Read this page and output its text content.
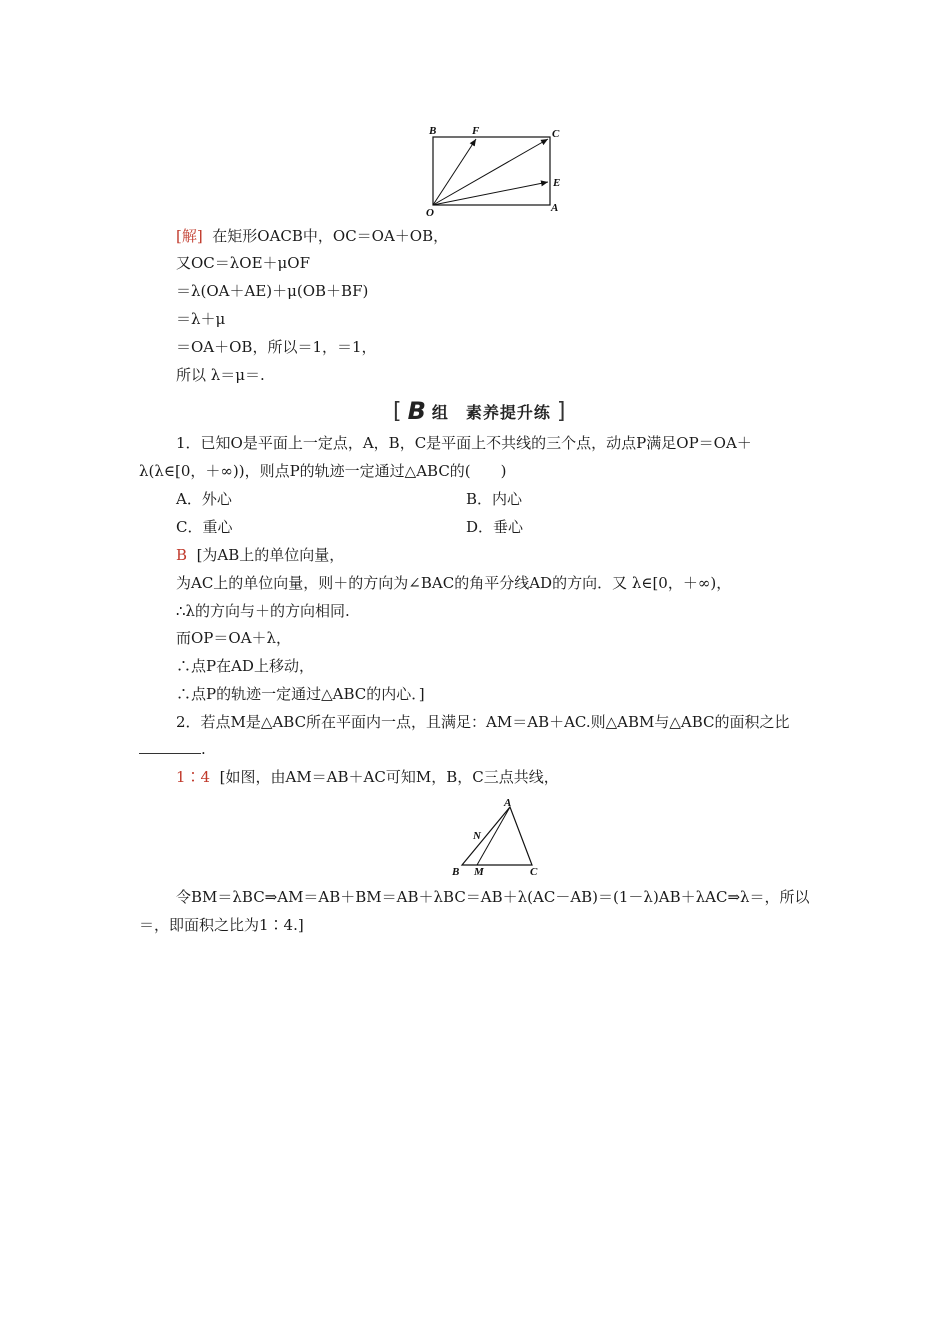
B	F	C
E
O	A
[解] 在矩形OACB中，OC＝OA＋OB，
又OC＝λOE＋μOF
＝λ(OA＋AE)＋μ(OB＋BF)
＝λ＋μ
＝OA＋OB，所以＝1，＝1，
所以 λ＝μ＝.
[ B 组　素养提升练 ]
1．已知O是平面上一定点，A，B，C是平面上不共线的三个点，动点P满足OP＝OA＋
λ(λ∈[0，＋∞))，则点P的轨迹一定通过△ABC的(　　)
A．外心	B．内心
C．重心	D．垂心
B [为AB上的单位向量，
为AC上的单位向量，则＋的方向为∠BAC的角平分线AD的方向．又 λ∈[0，＋∞)，
∴λ的方向与＋的方向相同.
而OP＝OA＋λ，
∴点P在AD上移动，
∴点P的轨迹一定通过△ABC的内心．]
2．若点M是△ABC所在平面内一点，且满足：AM＝AB＋AC.则△ABM与△ABC的面积之比
.
1∶4 [如图，由AM＝AB＋AC可知M，B，C三点共线，
A
N
B M	C
令BM＝λBC⇒AM＝AB＋BM＝AB＋λBC＝AB＋λ(AC－AB)＝(1－λ)AB＋λAC⇒λ＝，所以
＝，即面积之比为1∶4.]
